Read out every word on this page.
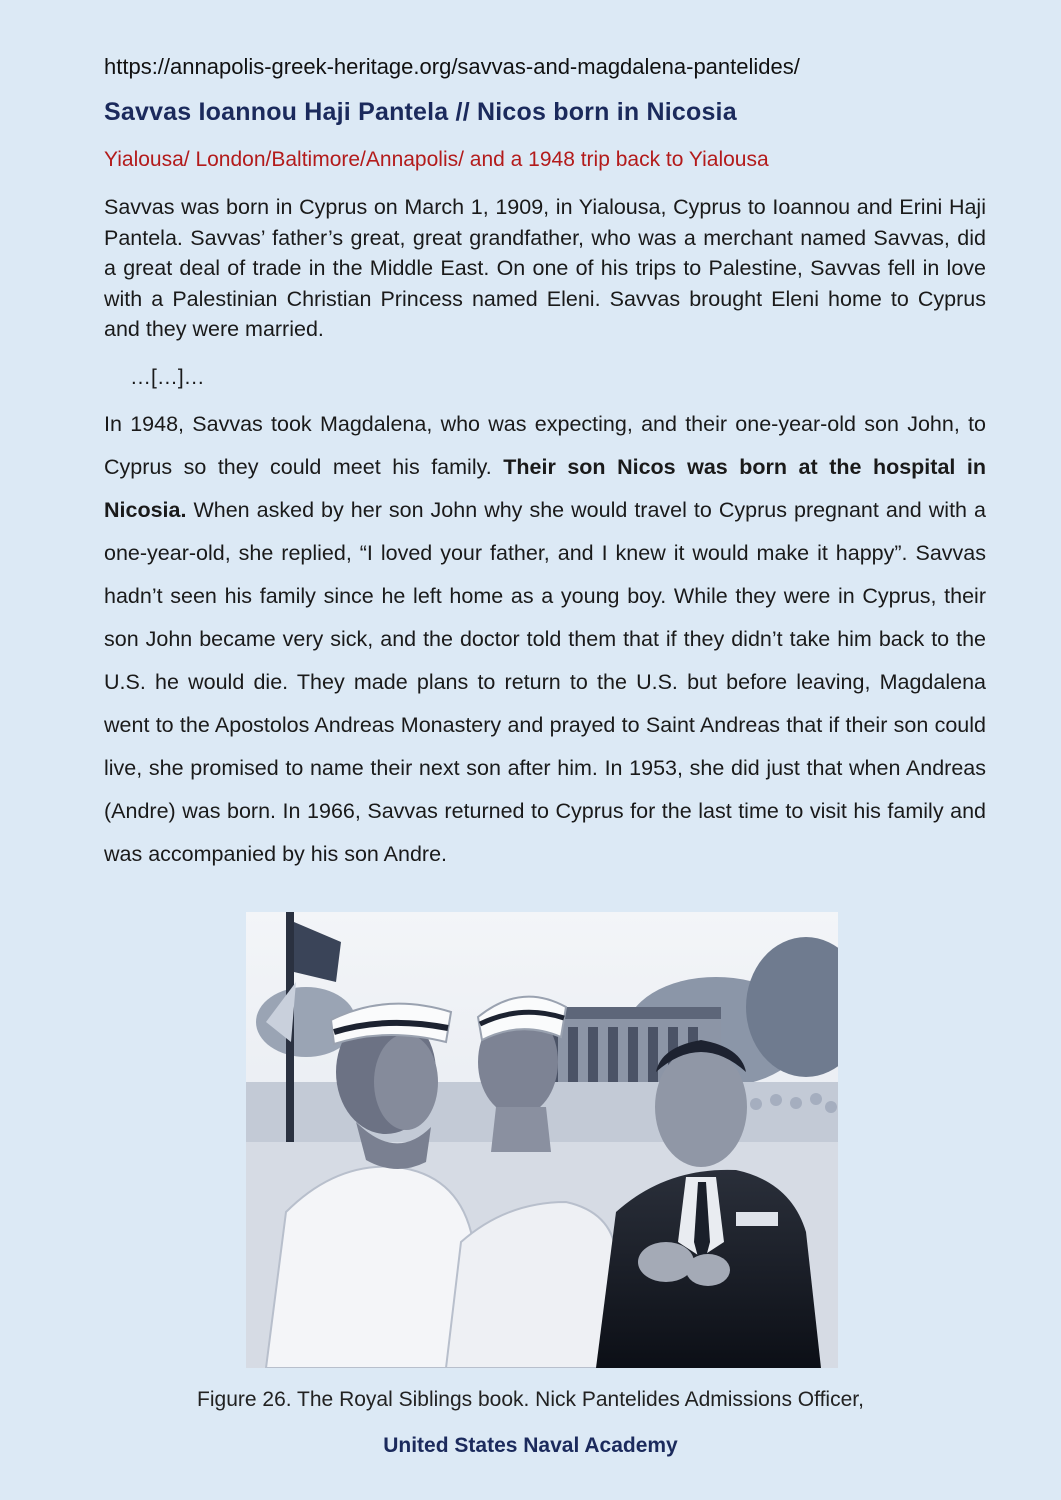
https://annapolis-greek-heritage.org/savvas-and-magdalena-pantelides/
Savvas Ioannou Haji Pantela // Nicos born in Nicosia
Yialousa/ London/Baltimore/Annapolis/ and a 1948 trip back to Yialousa
Savvas was born in Cyprus on March 1, 1909, in Yialousa, Cyprus to Ioannou and Erini Haji Pantela. Savvas’ father’s great, great grandfather, who was a merchant named Savvas, did a great deal of trade in the Middle East. On one of his trips to Palestine, Savvas fell in love with a Palestinian Christian Princess named Eleni. Savvas brought Eleni home to Cyprus and they were married.
…[…]…
In 1948, Savvas took Magdalena, who was expecting, and their one-year-old son John, to Cyprus so they could meet his family. Their son Nicos was born at the hospital in Nicosia. When asked by her son John why she would travel to Cyprus pregnant and with a one-year-old, she replied, “I loved your father, and I knew it would make it happy”. Savvas hadn’t seen his family since he left home as a young boy. While they were in Cyprus, their son John became very sick, and the doctor told them that if they didn’t take him back to the U.S. he would die. They made plans to return to the U.S. but before leaving, Magdalena went to the Apostolos Andreas Monastery and prayed to Saint Andreas that if their son could live, she promised to name their next son after him. In 1953, she did just that when Andreas (Andre) was born. In 1966, Savvas returned to Cyprus for the last time to visit his family and was accompanied by his son Andre.
Figure 26. The Royal Siblings book. Nick Pantelides Admissions Officer,
United States Naval Academy
